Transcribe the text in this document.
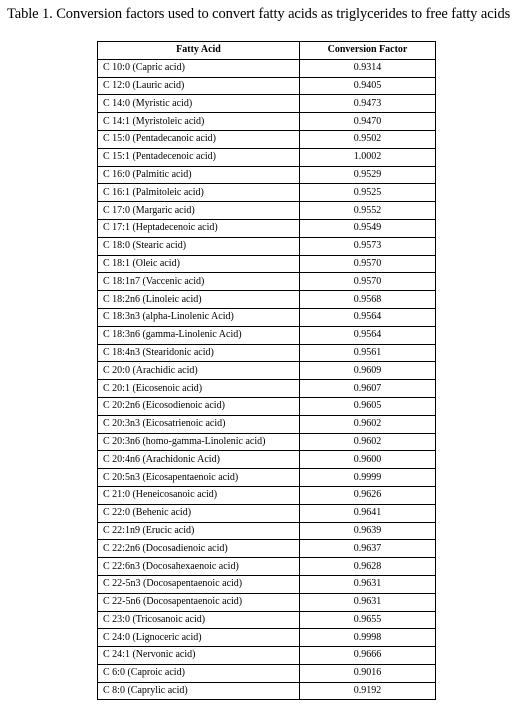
Table 1. Conversion factors used to convert fatty acids as triglycerides to free fatty acids
Fatty Acid	Conversion Factor
C 10:0 (Capric acid)	0.9314
C 12:0 (Lauric acid)	0.9405
C 14:0 (Myristic acid)	0.9473
C 14:1 (Myristoleic acid)	0.9470
C 15:0 (Pentadecanoic acid)	0.9502
C 15:1 (Pentadecenoic acid)	1.0002
C 16:0 (Palmitic acid)	0.9529
C 16:1 (Palmitoleic acid)	0.9525
C 17:0 (Margaric acid)	0.9552
C 17:1 (Heptadecenoic acid)	0.9549
C 18:0 (Stearic acid)	0.9573
C 18:1 (Oleic acid)	0.9570
C 18:1n7 (Vaccenic acid)	0.9570
C 18:2n6 (Linoleic acid)	0.9568
C 18:3n3 (alpha-Linolenic Acid)	0.9564
C 18:3n6 (gamma-Linolenic Acid)	0.9564
C 18:4n3 (Stearidonic acid)	0.9561
C 20:0 (Arachidic acid)	0.9609
C 20:1 (Eicosenoic acid)	0.9607
C 20:2n6 (Eicosodienoic acid)	0.9605
C 20:3n3 (Eicosatrienoic acid)	0.9602
C 20:3n6 (homo-gamma-Linolenic acid)	0.9602
C 20:4n6 (Arachidonic Acid)	0.9600
C 20:5n3 (Eicosapentaenoic acid)	0.9999
C 21:0 (Heneicosanoic acid)	0.9626
C 22:0 (Behenic acid)	0.9641
C 22:1n9 (Erucic acid)	0.9639
C 22:2n6 (Docosadienoic acid)	0.9637
C 22:6n3 (Docosahexaenoic acid)	0.9628
C 22-5n3 (Docosapentaenoic acid)	0.9631
C 22-5n6 (Docosapentaenoic acid)	0.9631
C 23:0 (Tricosanoic acid)	0.9655
C 24:0 (Lignoceric acid)	0.9998
C 24:1 (Nervonic acid)	0.9666
C 6:0 (Caproic acid)	0.9016
C 8:0 (Caprylic acid)	0.9192
